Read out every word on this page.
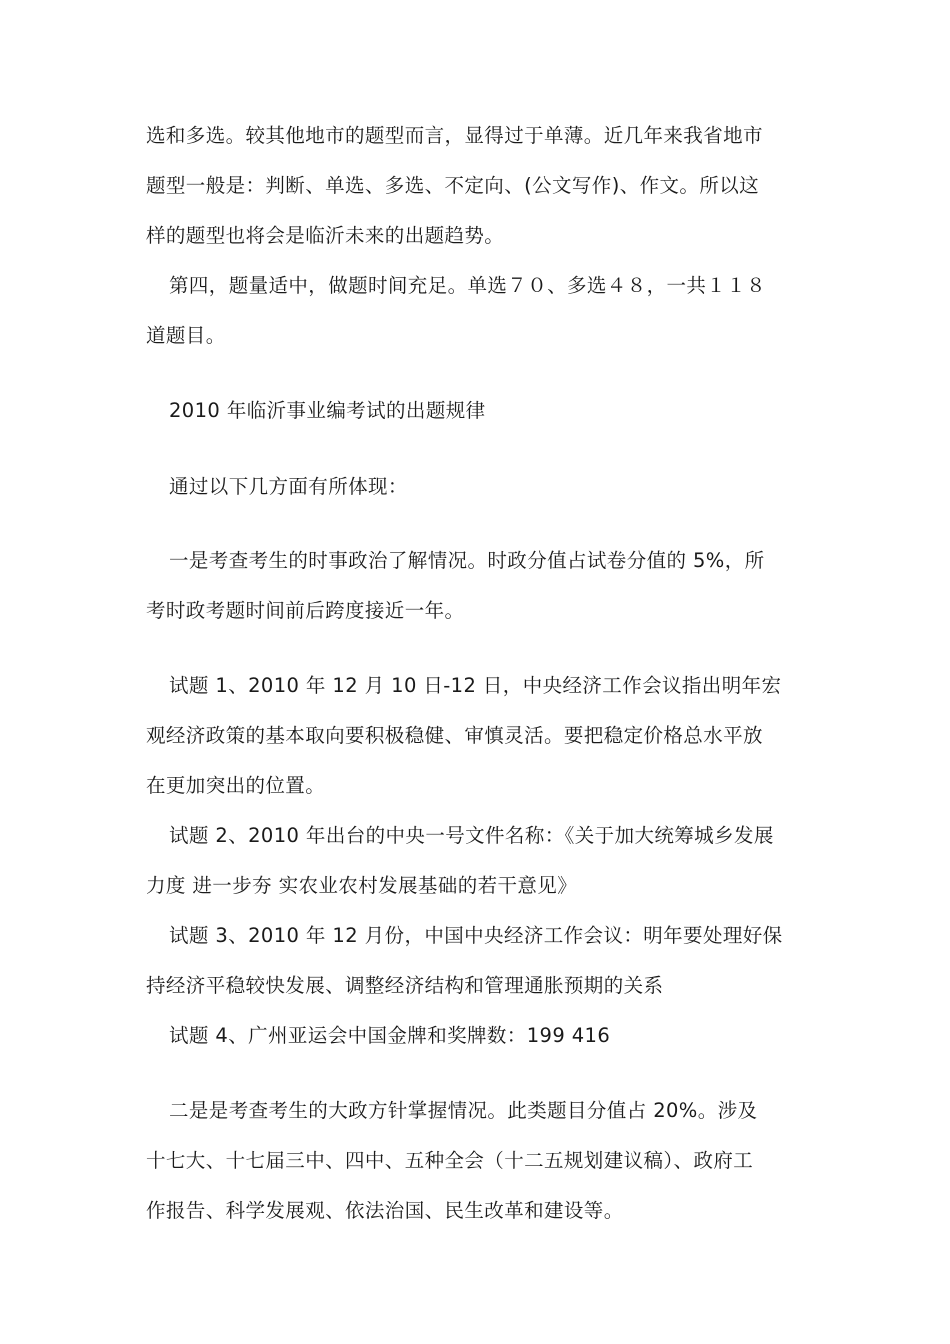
选和多选。较其他地市的题型而言，显得过于单薄。近几年来我省地市
题型一般是：判断、单选、多选、不定向、(公文写作)、作文。所以这
样的题型也将会是临沂未来的出题趋势。
第四，题量适中，做题时间充足。单选７０、多选４８，一共１１８
道题目。
2010 年临沂事业编考试的出题规律
通过以下几方面有所体现：
一是考查考生的时事政治了解情况。时政分值占试卷分值的 5%，所
考时政考题时间前后跨度接近一年。
试题 1、2010 年 12 月 10 日-12 日，中央经济工作会议指出明年宏
观经济政策的基本取向要积极稳健、审慎灵活。要把稳定价格总水平放
在更加突出的位置。
试题 2、2010 年出台的中央一号文件名称：《关于加大统筹城乡发展
力度 进一步夯 实农业农村发展基础的若干意见》
试题 3、2010 年 12 月份，中国中央经济工作会议：明年要处理好保
持经济平稳较快发展、调整经济结构和管理通胀预期的关系
试题 4、广州亚运会中国金牌和奖牌数：199 416
二是是考查考生的大政方针掌握情况。此类题目分值占 20%。涉及
十七大、十七届三中、四中、五种全会（十二五规划建议稿）、政府工
作报告、科学发展观、依法治国、民生改革和建设等。
